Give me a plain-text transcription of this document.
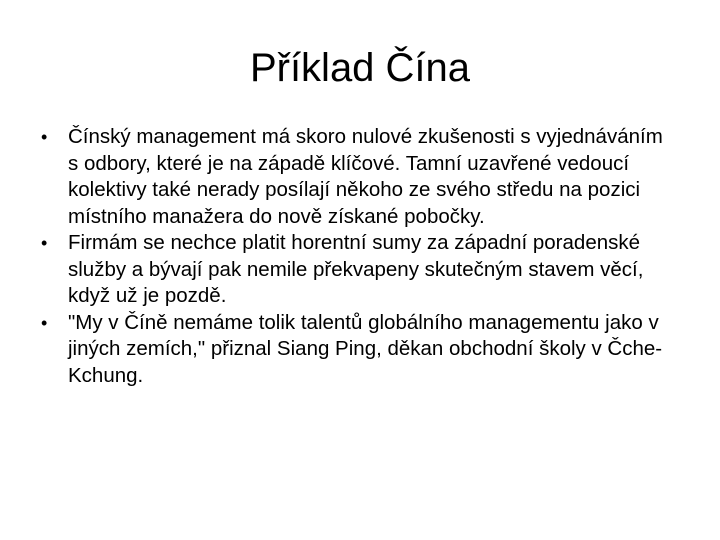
Příklad Čína
• Čínský management má skoro nulové zkušenosti s vyjednáváním s odbory, které je na západě klíčové. Tamní uzavřené vedoucí kolektivy také nerady posílají někoho ze svého středu na pozici místního manažera do nově získané pobočky.
• Firmám se nechce platit horentní sumy za západní poradenské služby a bývají pak nemile překvapeny skutečným stavem věcí, když už je pozdě.
• "My v Číně nemáme tolik talentů globálního managementu jako v jiných zemích," přiznal Siang Ping, děkan obchodní školy v Čche-Kchung.
